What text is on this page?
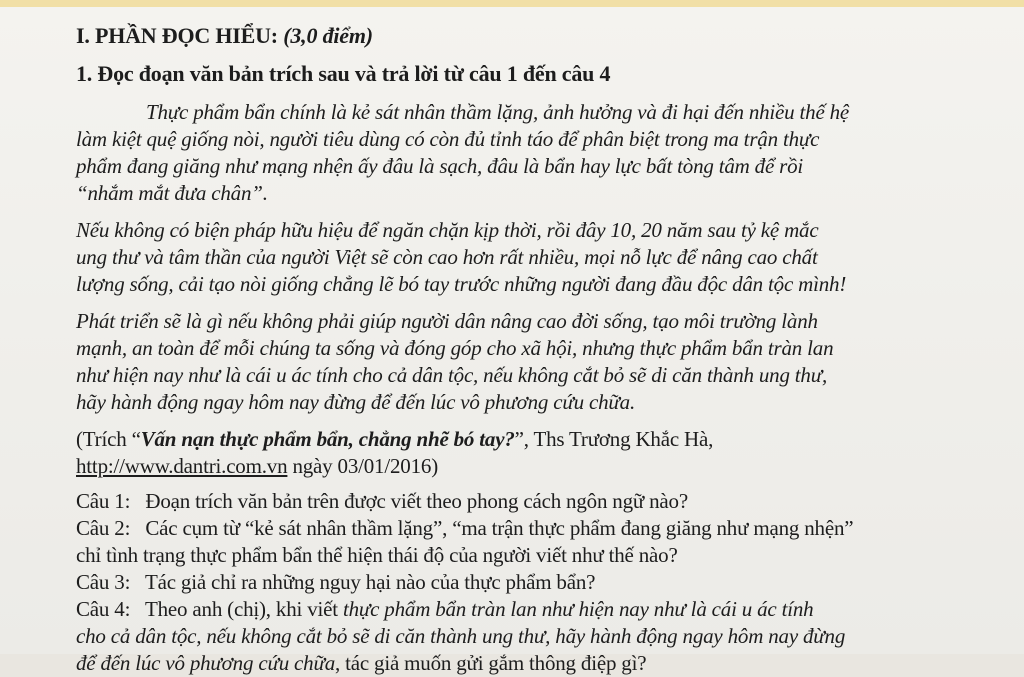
I. PHẦN ĐỌC HIỂU: (3,0 điểm)
1. Đọc đoạn văn bản trích sau và trả lời từ câu 1 đến câu 4
Thực phẩm bẩn chính là kẻ sát nhân thầm lặng, ảnh hưởng và đi hại đến nhiều thế hệ
làm kiệt quệ giống nòi, người tiêu dùng có còn đủ tỉnh táo để phân biệt trong ma trận thực
phẩm đang giăng như mạng nhện ấy đâu là sạch, đâu là bẩn hay lực bất tòng tâm để rồi
“nhắm mắt đưa chân”.
Nếu không có biện pháp hữu hiệu để ngăn chặn kịp thời, rồi đây 10, 20 năm sau tỷ kệ mắc
ung thư và tâm thần của người Việt sẽ còn cao hơn rất nhiều, mọi nỗ lực để nâng cao chất
lượng sống, cải tạo nòi giống chẳng lẽ bó tay trước những người đang đầu độc dân tộc mình!
Phát triển sẽ là gì nếu không phải giúp người dân nâng cao đời sống, tạo môi trường lành
mạnh, an toàn để mỗi chúng ta sống và đóng góp cho xã hội, nhưng thực phẩm bẩn tràn lan
như hiện nay như là cái u ác tính cho cả dân tộc, nếu không cắt bỏ sẽ di căn thành ung thư,
hãy hành động ngay hôm nay đừng để đến lúc vô phương cứu chữa.
(Trích “Vấn nạn thực phẩm bẩn, chẳng nhẽ bó tay?”, Ths Trương Khắc Hà,
http://www.dantri.com.vn ngày 03/01/2016)
Câu 1: Đoạn trích văn bản trên được viết theo phong cách ngôn ngữ nào?
Câu 2: Các cụm từ “kẻ sát nhân thầm lặng”, “ma trận thực phẩm đang giăng như mạng nhện”
chỉ tình trạng thực phẩm bẩn thể hiện thái độ của người viết như thế nào?
Câu 3: Tác giả chỉ ra những nguy hại nào của thực phẩm bẩn?
Câu 4: Theo anh (chị), khi viết thực phẩm bẩn tràn lan như hiện nay như là cái u ác tính
cho cả dân tộc, nếu không cắt bỏ sẽ di căn thành ung thư, hãy hành động ngay hôm nay đừng
để đến lúc vô phương cứu chữa, tác giả muốn gửi gắm thông điệp gì?
